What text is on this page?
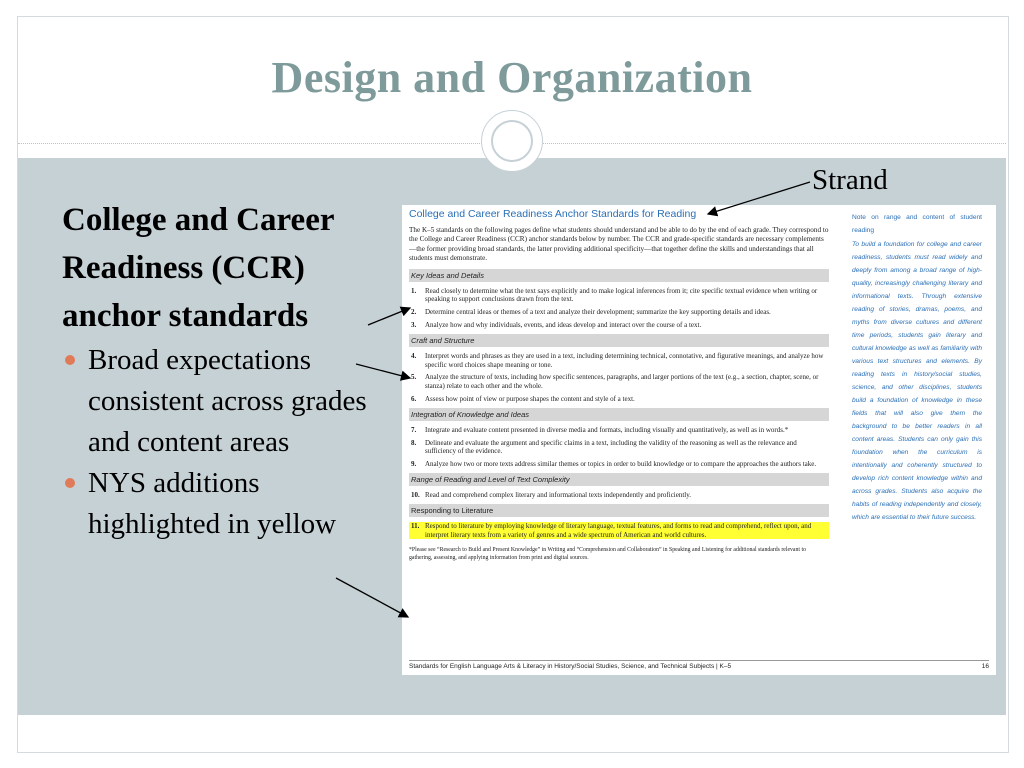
Design and Organization
College and Career Readiness (CCR) anchor standards
Broad expectations consistent across grades and content areas
NYS additions highlighted in yellow
Strand
College and Career Readiness Anchor Standards for Reading
The K–5 standards on the following pages define what students should understand and be able to do by the end of each grade. They correspond to the College and Career Readiness (CCR) anchor standards below by number. The CCR and grade-specific standards are necessary complements—the former providing broad standards, the latter providing additional specificity—that together define the skills and understandings that all students must demonstrate.
Key Ideas and Details
1. Read closely to determine what the text says explicitly and to make logical inferences from it; cite specific textual evidence when writing or speaking to support conclusions drawn from the text.
2. Determine central ideas or themes of a text and analyze their development; summarize the key supporting details and ideas.
3. Analyze how and why individuals, events, and ideas develop and interact over the course of a text.
Craft and Structure
4. Interpret words and phrases as they are used in a text, including determining technical, connotative, and figurative meanings, and analyze how specific word choices shape meaning or tone.
5. Analyze the structure of texts, including how specific sentences, paragraphs, and larger portions of the text (e.g., a section, chapter, scene, or stanza) relate to each other and the whole.
6. Assess how point of view or purpose shapes the content and style of a text.
Integration of Knowledge and Ideas
7. Integrate and evaluate content presented in diverse media and formats, including visually and quantitatively, as well as in words.*
8. Delineate and evaluate the argument and specific claims in a text, including the validity of the reasoning as well as the relevance and sufficiency of the evidence.
9. Analyze how two or more texts address similar themes or topics in order to build knowledge or to compare the approaches the authors take.
Range of Reading and Level of Text Complexity
10. Read and comprehend complex literary and informational texts independently and proficiently.
Responding to Literature
11. Respond to literature by employing knowledge of literary language, textual features, and forms to read and comprehend, reflect upon, and interpret literary texts from a variety of genres and a wide spectrum of American and world cultures.
*Please see “Research to Build and Present Knowledge” in Writing and “Comprehension and Collaboration” in Speaking and Listening for additional standards relevant to gathering, assessing, and applying information from print and digital sources.
Note on range and content of student reading
To build a foundation for college and career readiness, students must read widely and deeply from among a broad range of high-quality, increasingly challenging literary and informational texts. Through extensive reading of stories, dramas, poems, and myths from diverse cultures and different time periods, students gain literary and cultural knowledge as well as familiarity with various text structures and elements. By reading texts in history/social studies, science, and other disciplines, students build a foundation of knowledge in these fields that will also give them the background to be better readers in all content areas. Students can only gain this foundation when the curriculum is intentionally and coherently structured to develop rich content knowledge within and across grades. Students also acquire the habits of reading independently and closely, which are essential to their future success.
Standards for English Language Arts & Literacy in History/Social Studies, Science, and Technical Subjects | K–5	16
